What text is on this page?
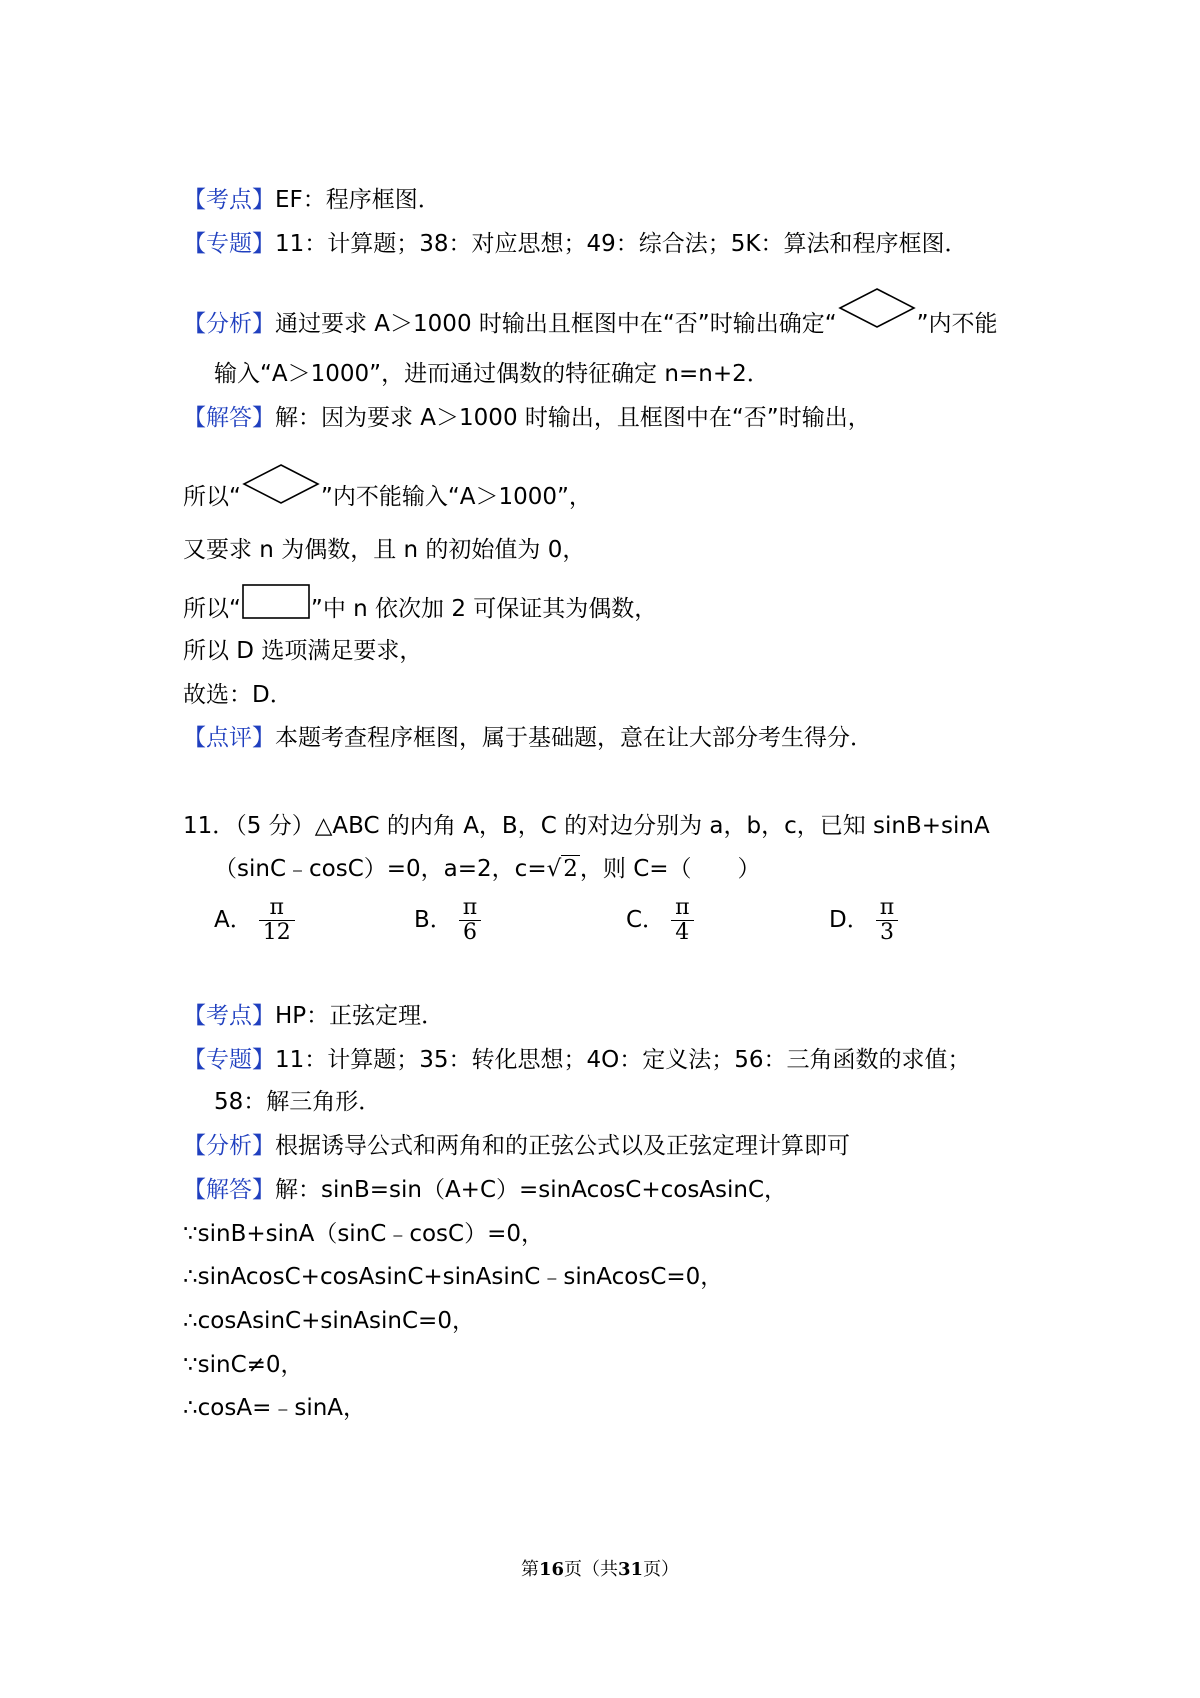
【考点】EF：程序框图．
【专题】11：计算题；38：对应思想；49：综合法；5K：算法和程序框图．
【分析】通过要求 A＞1000 时输出且框图中在“否”时输出确定“	”内不能
输入“A＞1000”，进而通过偶数的特征确定 n=n+2．
【解答】解：因为要求 A＞1000 时输出，且框图中在“否”时输出，
所以“	”内不能输入“A＞1000”，
又要求 n 为偶数，且 n 的初始值为 0，
所以“	”中 n 依次加 2 可保证其为偶数，
所以 D 选项满足要求，
故选：D．
【点评】本题考查程序框图，属于基础题，意在让大部分考生得分．
11．（5 分）△ABC 的内角 A，B，C 的对边分别为 a，b，c，已知 sinB+sinA
（sinC﹣cosC）=0，a=2，c=√2，则 C=（　　）
A． $\frac{\pi}{12}$	B． $\frac{\pi}{6}$	C． $\frac{\pi}{4}$	D． $\frac{\pi}{3}$
【考点】HP：正弦定理．
【专题】11：计算题；35：转化思想；4O：定义法；56：三角函数的求值；
58：解三角形．
【分析】根据诱导公式和两角和的正弦公式以及正弦定理计算即可
【解答】解：sinB=sin（A+C）=sinAcosC+cosAsinC，
∵sinB+sinA（sinC﹣cosC）=0，
∴sinAcosC+cosAsinC+sinAsinC﹣sinAcosC=0，
∴cosAsinC+sinAsinC=0，
∵sinC≠0，
∴cosA=﹣sinA，
第16页（共31页）
